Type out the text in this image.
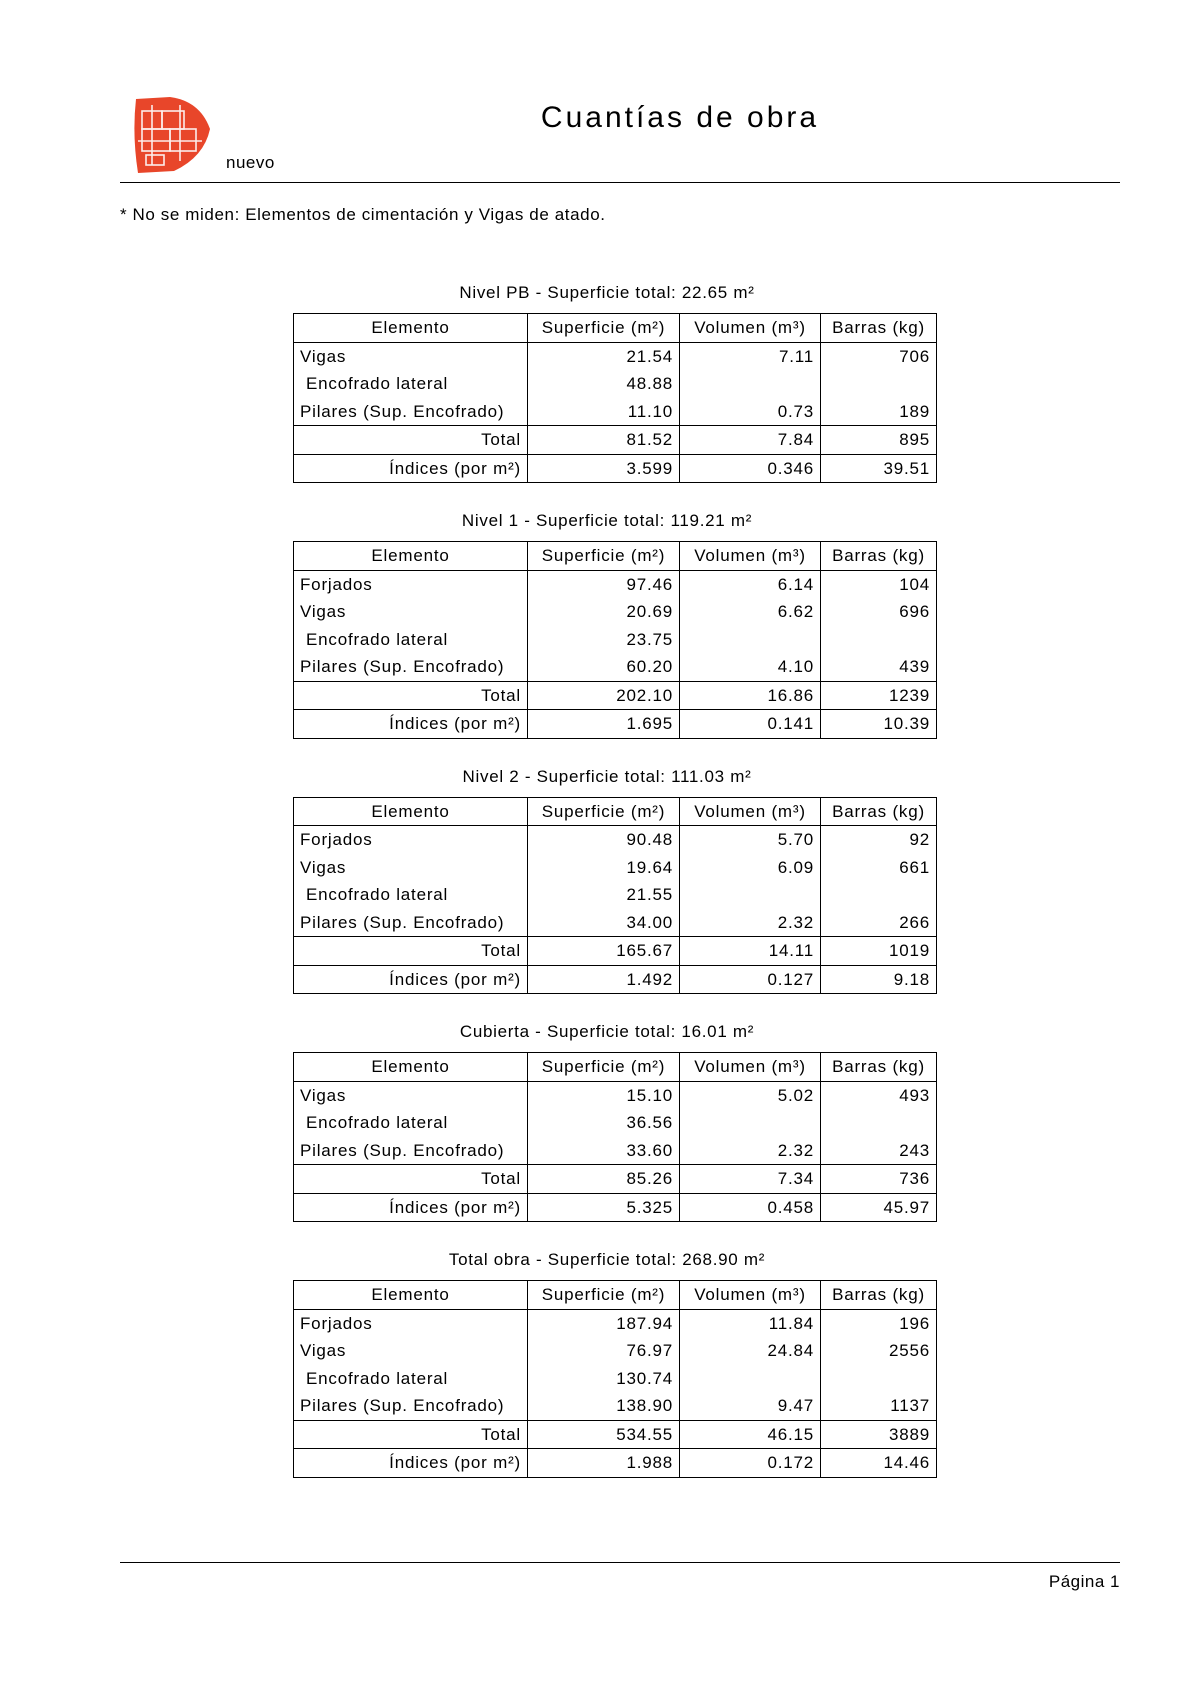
nuevo
Cuantías de obra
* No se miden: Elementos de cimentación y Vigas de atado.
Nivel PB - Superficie total: 22.65 m²
Elemento	Superficie (m²)	Volumen (m³)	Barras (kg)
Vigas	21.54	7.11	706
Encofrado lateral	48.88		
Pilares (Sup. Encofrado)	11.10	0.73	189
Total	81.52	7.84	895
Índices (por m²)	3.599	0.346	39.51
Nivel 1 - Superficie total: 119.21 m²
Elemento	Superficie (m²)	Volumen (m³)	Barras (kg)
Forjados	97.46	6.14	104
Vigas	20.69	6.62	696
Encofrado lateral	23.75		
Pilares (Sup. Encofrado)	60.20	4.10	439
Total	202.10	16.86	1239
Índices (por m²)	1.695	0.141	10.39
Nivel 2 - Superficie total: 111.03 m²
Elemento	Superficie (m²)	Volumen (m³)	Barras (kg)
Forjados	90.48	5.70	92
Vigas	19.64	6.09	661
Encofrado lateral	21.55		
Pilares (Sup. Encofrado)	34.00	2.32	266
Total	165.67	14.11	1019
Índices (por m²)	1.492	0.127	9.18
Cubierta - Superficie total: 16.01 m²
Elemento	Superficie (m²)	Volumen (m³)	Barras (kg)
Vigas	15.10	5.02	493
Encofrado lateral	36.56		
Pilares (Sup. Encofrado)	33.60	2.32	243
Total	85.26	7.34	736
Índices (por m²)	5.325	0.458	45.97
Total obra - Superficie total: 268.90 m²
Elemento	Superficie (m²)	Volumen (m³)	Barras (kg)
Forjados	187.94	11.84	196
Vigas	76.97	24.84	2556
Encofrado lateral	130.74		
Pilares (Sup. Encofrado)	138.90	9.47	1137
Total	534.55	46.15	3889
Índices (por m²)	1.988	0.172	14.46
Página 1
